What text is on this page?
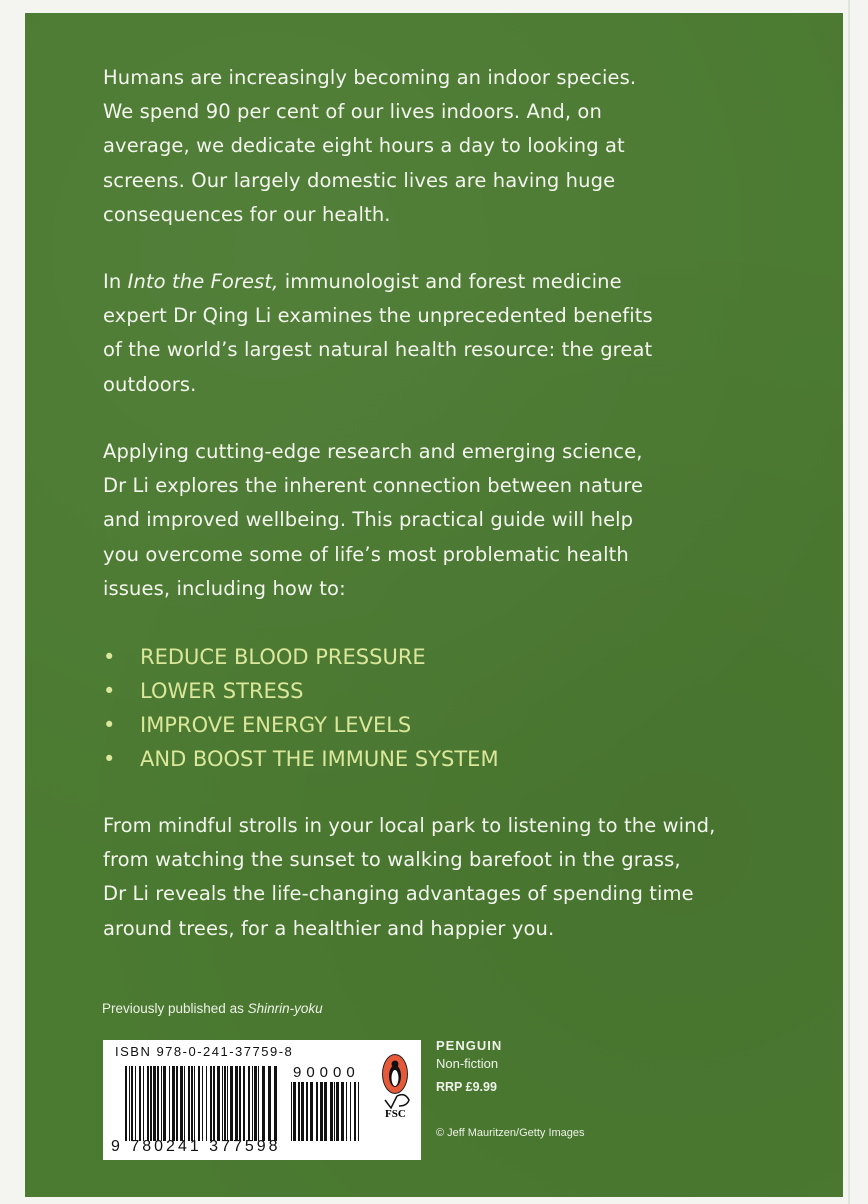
Humans are increasingly becoming an indoor species.
We spend 90 per cent of our lives indoors. And, on
average, we dedicate eight hours a day to looking at
screens. Our largely domestic lives are having huge
consequences for our health.
In Into the Forest, immunologist and forest medicine
expert Dr Qing Li examines the unprecedented benefits
of the world’s largest natural health resource: the great
outdoors.
Applying cutting-edge research and emerging science,
Dr Li explores the inherent connection between nature
and improved wellbeing. This practical guide will help
you overcome some of life’s most problematic health
issues, including how to:
• REDUCE BLOOD PRESSURE
• LOWER STRESS
• IMPROVE ENERGY LEVELS
• AND BOOST THE IMMUNE SYSTEM
From mindful strolls in your local park to listening to the wind,
from watching the sunset to walking barefoot in the grass,
Dr Li reveals the life-changing advantages of spending time
around trees, for a healthier and happier you.
Previously published as Shinrin-yoku
ISBN 978-0-241-37759-8
90000
9 780241 377598
FSC
PENGUIN
Non-fiction
RRP £9.99
© Jeff Mauritzen/Getty Images
